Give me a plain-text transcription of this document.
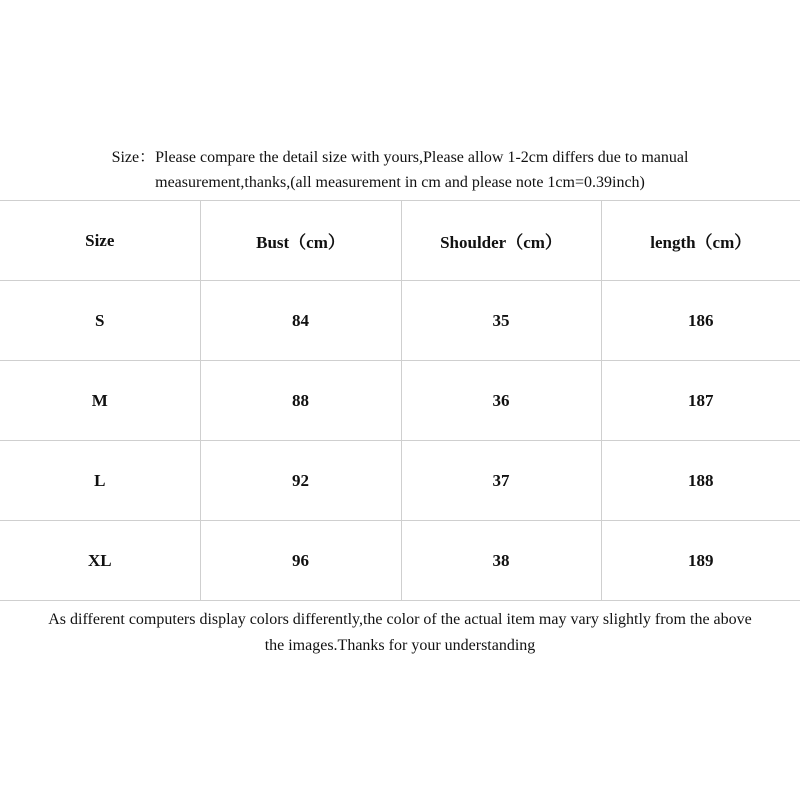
Size：Please compare the detail size with yours,Please allow 1-2cm differs due to manual
measurement,thanks,(all measurement in cm and please note 1cm=0.39inch)
Size	Bust（cm）	Shoulder（cm）	length（cm）
S	84	35	186
M	88	36	187
L	92	37	188
XL	96	38	189
As different computers display colors differently,the color of the actual item may vary slightly from the above
the images.Thanks for your understanding
